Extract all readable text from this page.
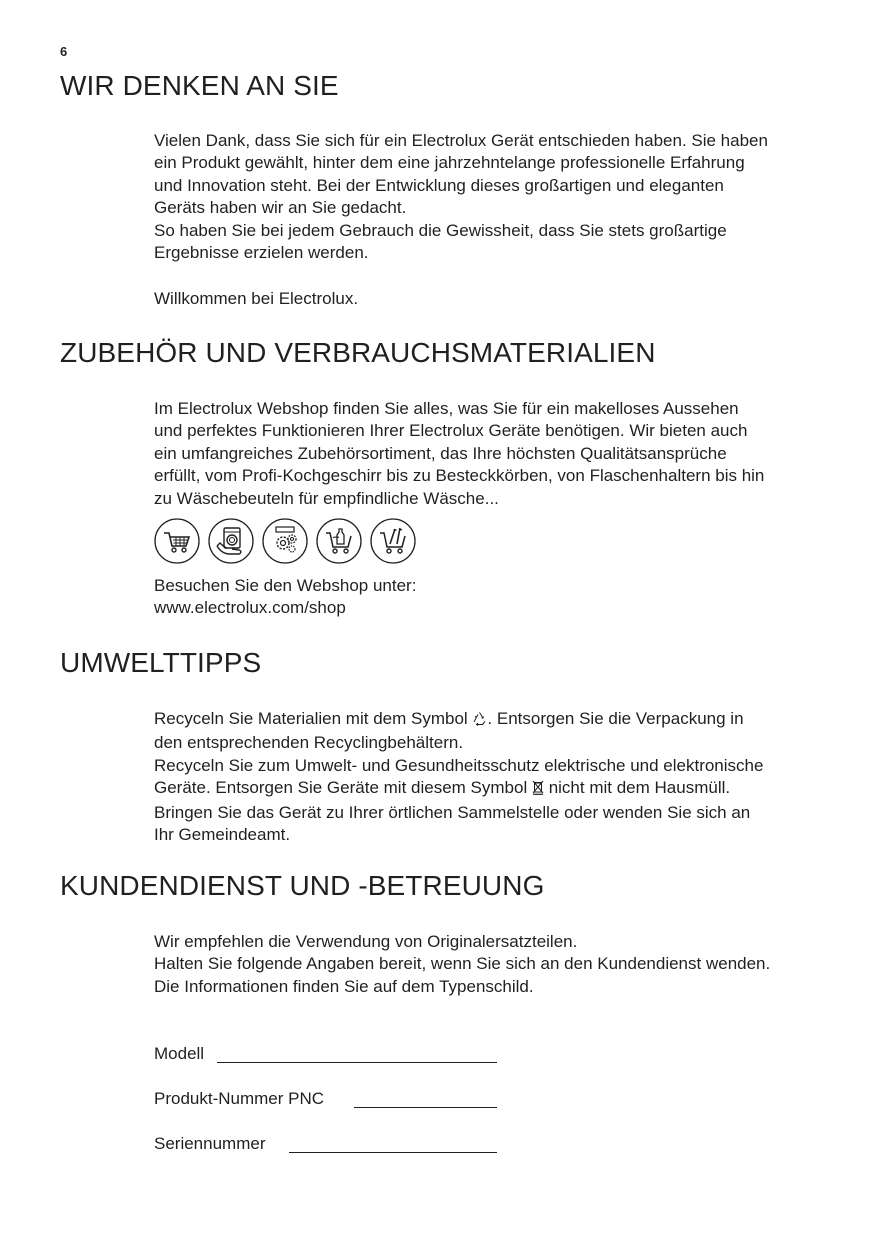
6
WIR DENKEN AN SIE

Vielen Dank, dass Sie sich für ein Electrolux Gerät entschieden haben. Sie haben
ein Produkt gewählt, hinter dem eine jahrzehntelange professionelle Erfahrung
und Innovation steht. Bei der Entwicklung dieses großartigen und eleganten
Geräts haben wir an Sie gedacht.
So haben Sie bei jedem Gebrauch die Gewissheit, dass Sie stets großartige
Ergebnisse erzielen werden.

Willkommen bei Electrolux.

ZUBEHÖR UND VERBRAUCHSMATERIALIEN

Im Electrolux Webshop finden Sie alles, was Sie für ein makelloses Aussehen
und perfektes Funktionieren Ihrer Electrolux Geräte benötigen. Wir bieten auch
ein umfangreiches Zubehörsortiment, das Ihre höchsten Qualitätsansprüche
erfüllt, vom Profi-Kochgeschirr bis zu Besteckkörben, von Flaschenhaltern bis hin
zu Wäschebeuteln für empfindliche Wäsche...

Besuchen Sie den Webshop unter:
www.electrolux.com/shop

UMWELTTIPPS

Recyceln Sie Materialien mit dem Symbol . Entsorgen Sie die Verpackung in
den entsprechenden Recyclingbehältern.
Recyceln Sie zum Umwelt- und Gesundheitsschutz elektrische und elektronische
Geräte. Entsorgen Sie Geräte mit diesem Symbol nicht mit dem Hausmüll.
Bringen Sie das Gerät zu Ihrer örtlichen Sammelstelle oder wenden Sie sich an
Ihr Gemeindeamt.

KUNDENDIENST UND -BETREUUNG

Wir empfehlen die Verwendung von Originalersatzteilen.
Halten Sie folgende Angaben bereit, wenn Sie sich an den Kundendienst wenden.
Die Informationen finden Sie auf dem Typenschild.

Modell
Produkt-Nummer PNC
Seriennummer
